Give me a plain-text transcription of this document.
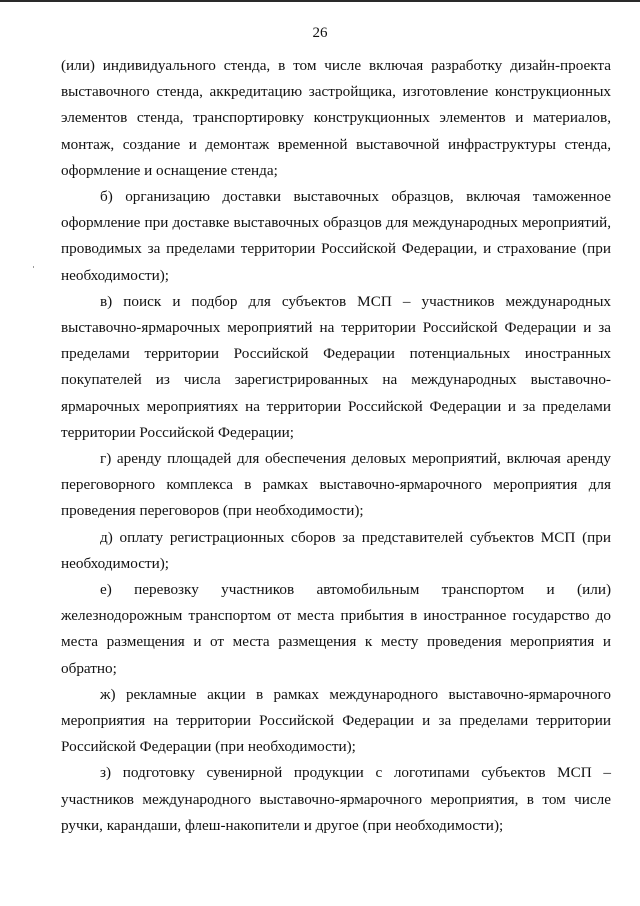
26

(или) индивидуального стенда, в том числе включая разработку дизайн-проекта выставочного стенда, аккредитацию застройщика, изготовление конструкционных элементов стенда, транспортировку конструкционных элементов и материалов, монтаж, создание и демонтаж временной выставочной инфраструктуры стенда, оформление и оснащение стенда;

б) организацию доставки выставочных образцов, включая таможенное оформление при доставке выставочных образцов для международных мероприятий, проводимых за пределами территории Российской Федерации, и страхование (при необходимости);

в) поиск и подбор для субъектов МСП – участников международных выставочно-ярмарочных мероприятий на территории Российской Федерации и за пределами территории Российской Федерации потенциальных иностранных покупателей из числа зарегистрированных на международных выставочно-ярмарочных мероприятиях на территории Российской Федерации и за пределами территории Российской Федерации;

г) аренду площадей для обеспечения деловых мероприятий, включая аренду переговорного комплекса в рамках выставочно-ярмарочного мероприятия для проведения переговоров (при необходимости);

д) оплату регистрационных сборов за представителей субъектов МСП (при необходимости);

е) перевозку участников автомобильным транспортом и (или) железнодорожным транспортом от места прибытия в иностранное государство до места размещения и от места размещения к месту проведения мероприятия и обратно;

ж) рекламные акции в рамках международного выставочно-ярмарочного мероприятия на территории Российской Федерации и за пределами территории Российской Федерации (при необходимости);

з) подготовку сувенирной продукции с логотипами субъектов МСП – участников международного выставочно-ярмарочного мероприятия, в том числе ручки, карандаши, флеш-накопители и другое (при необходимости);
